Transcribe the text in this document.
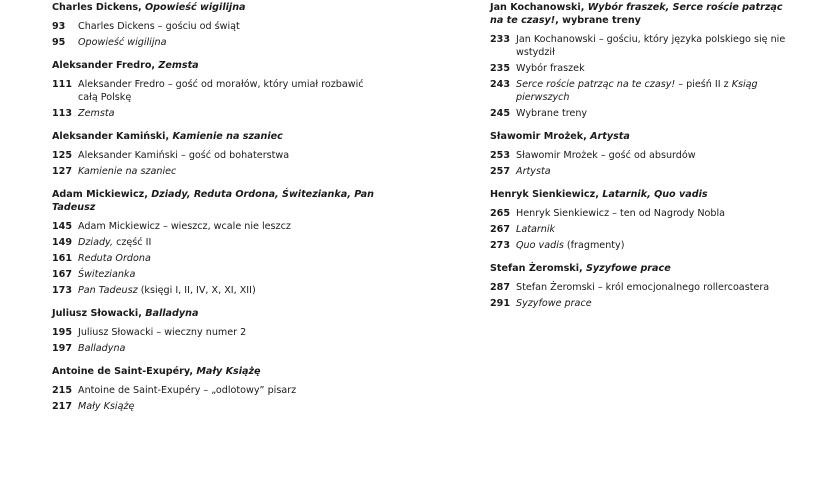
Charles Dickens, Opowieść wigilijna
93	Charles Dickens – gościu od świąt
95	Opowieść wigilijna
Aleksander Fredro, Zemsta
111 Aleksander Fredro – gość od morałów, który umiał rozbawić całą Polskę
113 Zemsta
Aleksander Kamiński, Kamienie na szaniec
125 Aleksander Kamiński – gość od bohaterstwa
127 Kamienie na szaniec
Adam Mickiewicz, Dziady, Reduta Ordona, Świtezianka, Pan Tadeusz
145 Adam Mickiewicz – wieszcz, wcale nie leszcz
149 Dziady, część II
161 Reduta Ordona
167 Świtezianka
173 Pan Tadeusz (księgi I, II, IV, X, XI, XII)
Juliusz Słowacki, Balladyna
195 Juliusz Słowacki – wieczny numer 2
197 Balladyna
Antoine de Saint-Exupéry, Mały Książę
215 Antoine de Saint-Exupéry – „odlotowy” pisarz
217 Mały Książę
Jan Kochanowski, Wybór fraszek, Serce roście patrząc na te czasy!, wybrane treny
233 Jan Kochanowski – gościu, który języka polskiego się nie wstydził
235 Wybór fraszek
243 Serce roście patrząc na te czasy! – pieśń II z Ksiąg pierwszych
245 Wybrane treny
Sławomir Mrożek, Artysta
253 Sławomir Mrożek – gość od absurdów
257 Artysta
Henryk Sienkiewicz, Latarnik, Quo vadis
265 Henryk Sienkiewicz – ten od Nagrody Nobla
267 Latarnik
273 Quo vadis (fragmenty)
Stefan Żeromski, Syzyfowe prace
287 Stefan Żeromski – król emocjonalnego rollercoastera
291 Syzyfowe prace
